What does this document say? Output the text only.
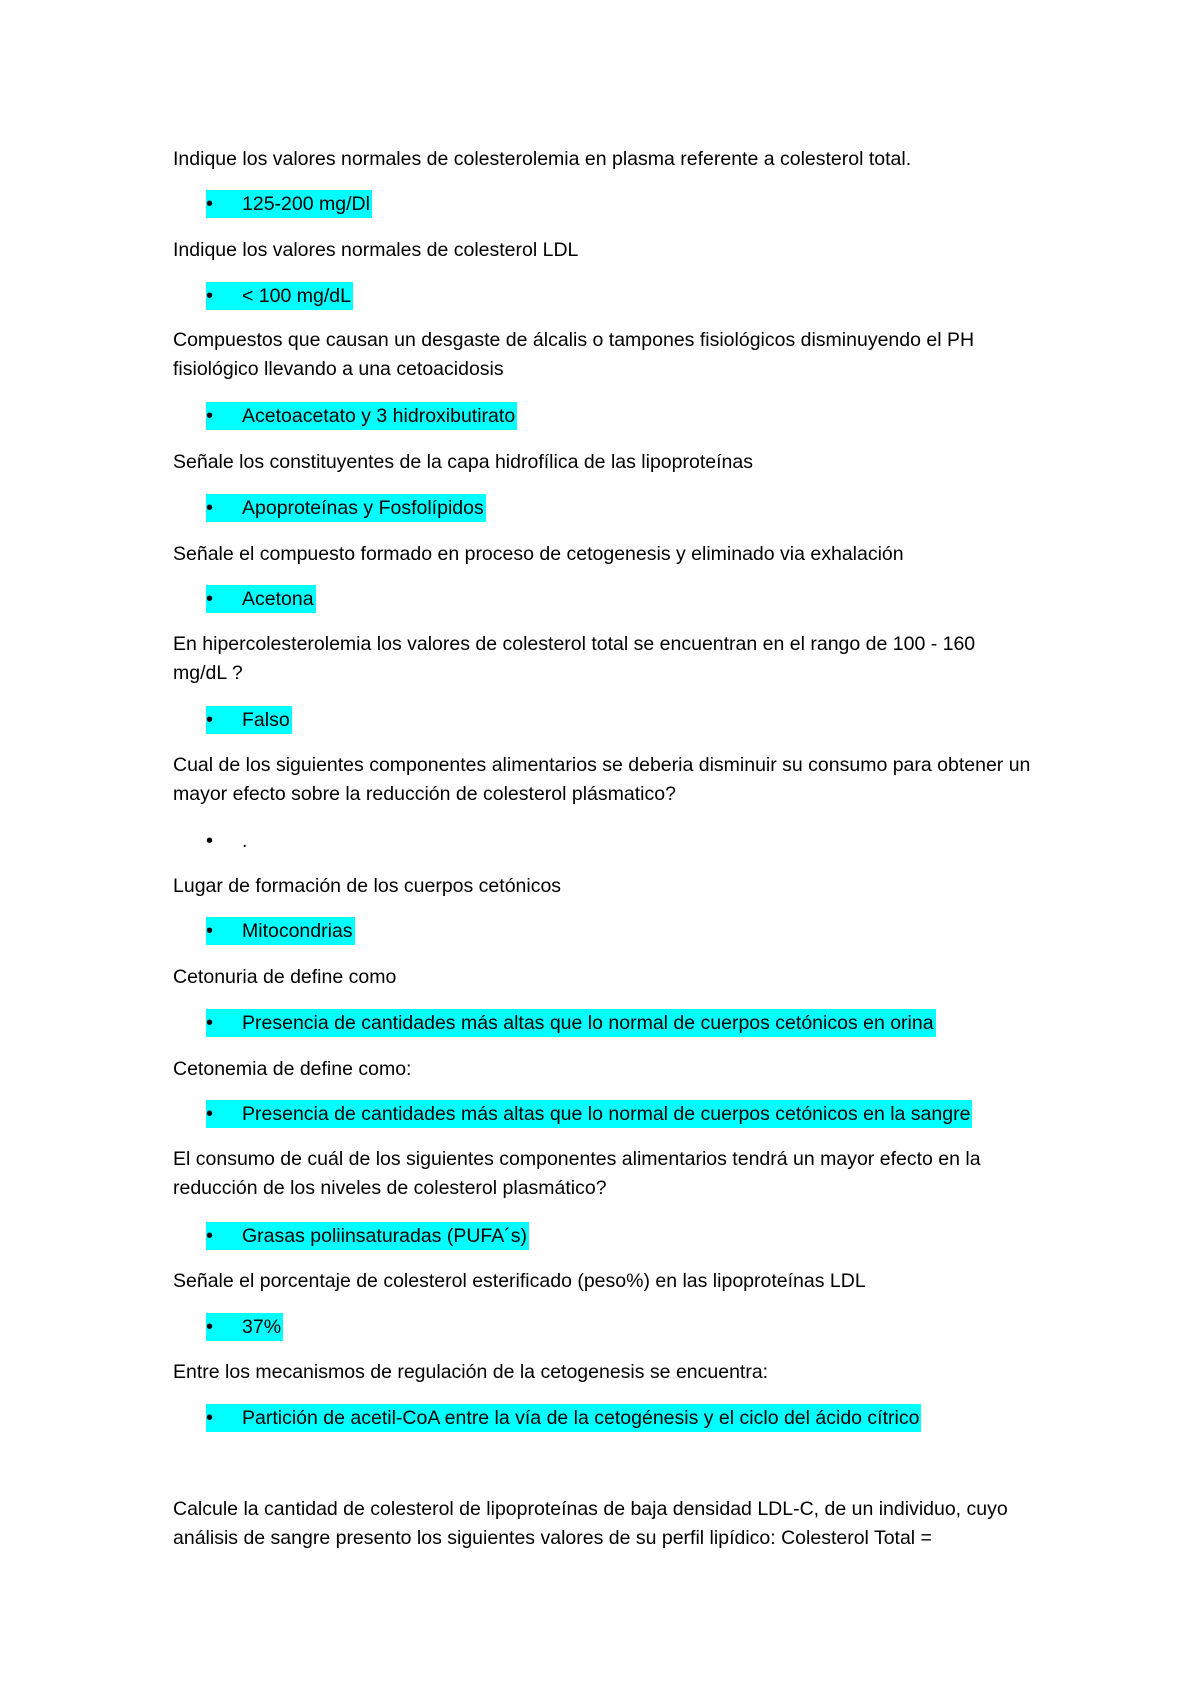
Indique los valores normales de colesterolemia en plasma referente a colesterol total.

•	125-200 mg/Dl

Indique los valores normales de colesterol LDL

•	< 100 mg/dL

Compuestos que causan un desgaste de álcalis o tampones fisiológicos disminuyendo el PH fisiológico llevando a una cetoacidosis

•	Acetoacetato y 3 hidroxibutirato

Señale los constituyentes de la capa hidrofílica de las lipoproteínas

•	Apoproteínas y Fosfolípidos

Señale el compuesto formado en proceso de cetogenesis y eliminado via exhalación

•	Acetona

En hipercolesterolemia los valores de colesterol total se encuentran en el rango de 100 - 160 mg/dL ?

•	Falso

Cual de los siguientes componentes alimentarios se deberia disminuir su consumo para obtener un mayor efecto sobre la reducción de colesterol plásmatico?

•	.

Lugar de formación de los cuerpos cetónicos

•	Mitocondrias

Cetonuria de define como

•	Presencia de cantidades más altas que lo normal de cuerpos cetónicos en orina

Cetonemia de define como:

•	Presencia de cantidades más altas que lo normal de cuerpos cetónicos en la sangre

El consumo de cuál de los siguientes componentes alimentarios tendrá un mayor efecto en la reducción de los niveles de colesterol plasmático?

•	Grasas poliinsaturadas (PUFA´s)

Señale el porcentaje de colesterol esterificado (peso%) en las lipoproteínas LDL

•	37%

Entre los mecanismos de regulación de la cetogenesis se encuentra:

•	Partición de acetil-CoA entre la vía de la cetogénesis y el ciclo del ácido cítrico

Calcule la cantidad de colesterol de lipoproteínas de baja densidad LDL-C, de un individuo, cuyo análisis de sangre presento los siguientes valores de su perfil lipídico: Colesterol Total =
